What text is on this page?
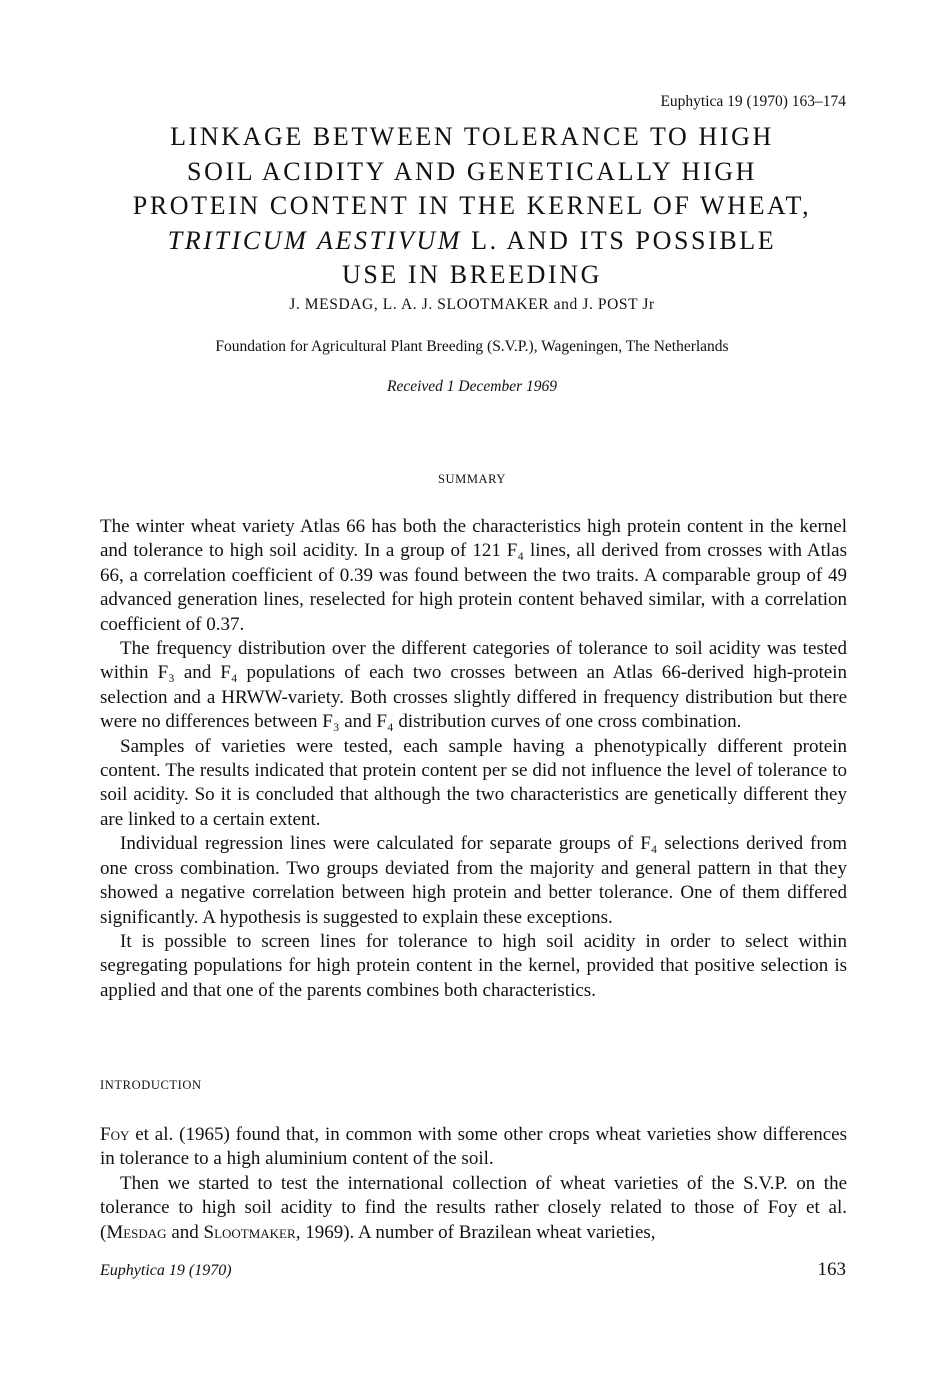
Euphytica 19 (1970) 163–174
LINKAGE BETWEEN TOLERANCE TO HIGH
SOIL ACIDITY AND GENETICALLY HIGH
PROTEIN CONTENT IN THE KERNEL OF WHEAT,
TRITICUM AESTIVUM L. AND ITS POSSIBLE
USE IN BREEDING
J. MESDAG, L. A. J. SLOOTMAKER and J. POST Jr
Foundation for Agricultural Plant Breeding (S.V.P.), Wageningen, The Netherlands
Received 1 December 1969
SUMMARY

The winter wheat variety Atlas 66 has both the characteristics high protein content in the kernel and tolerance to high soil acidity. In a group of 121 F₄ lines, all derived from crosses with Atlas 66, a correlation coefficient of 0.39 was found between the two traits. A comparable group of 49 advanced generation lines, reselected for high protein content behaved similar, with a correlation coefficient of 0.37.

The frequency distribution over the different categories of tolerance to soil acidity was tested within F₃ and F₄ populations of each two crosses between an Atlas 66-derived high-protein selection and a HRWW-variety. Both crosses slightly differed in frequency distribution but there were no differences between F₃ and F₄ distribution curves of one cross combination.

Samples of varieties were tested, each sample having a phenotypically different protein content. The results indicated that protein content per se did not influence the level of tolerance to soil acidity. So it is concluded that although the two characteristics are genetically different they are linked to a certain extent.

Individual regression lines were calculated for separate groups of F₄ selections derived from one cross combination. Two groups deviated from the majority and general pattern in that they showed a negative correlation between high protein and better tolerance. One of them differed significantly. A hypothesis is suggested to explain these exceptions.

It is possible to screen lines for tolerance to high soil acidity in order to select within segregating populations for high protein content in the kernel, provided that positive selection is applied and that one of the parents combines both characteristics.

INTRODUCTION

Foy et al. (1965) found that, in common with some other crops wheat varieties show differences in tolerance to a high aluminium content of the soil.

Then we started to test the international collection of wheat varieties of the S.V.P. on the tolerance to high soil acidity to find the results rather closely related to those of Foy et al. (Mesdag and Slootmaker, 1969). A number of Brazilean wheat varieties,

Euphytica 19 (1970)	163
